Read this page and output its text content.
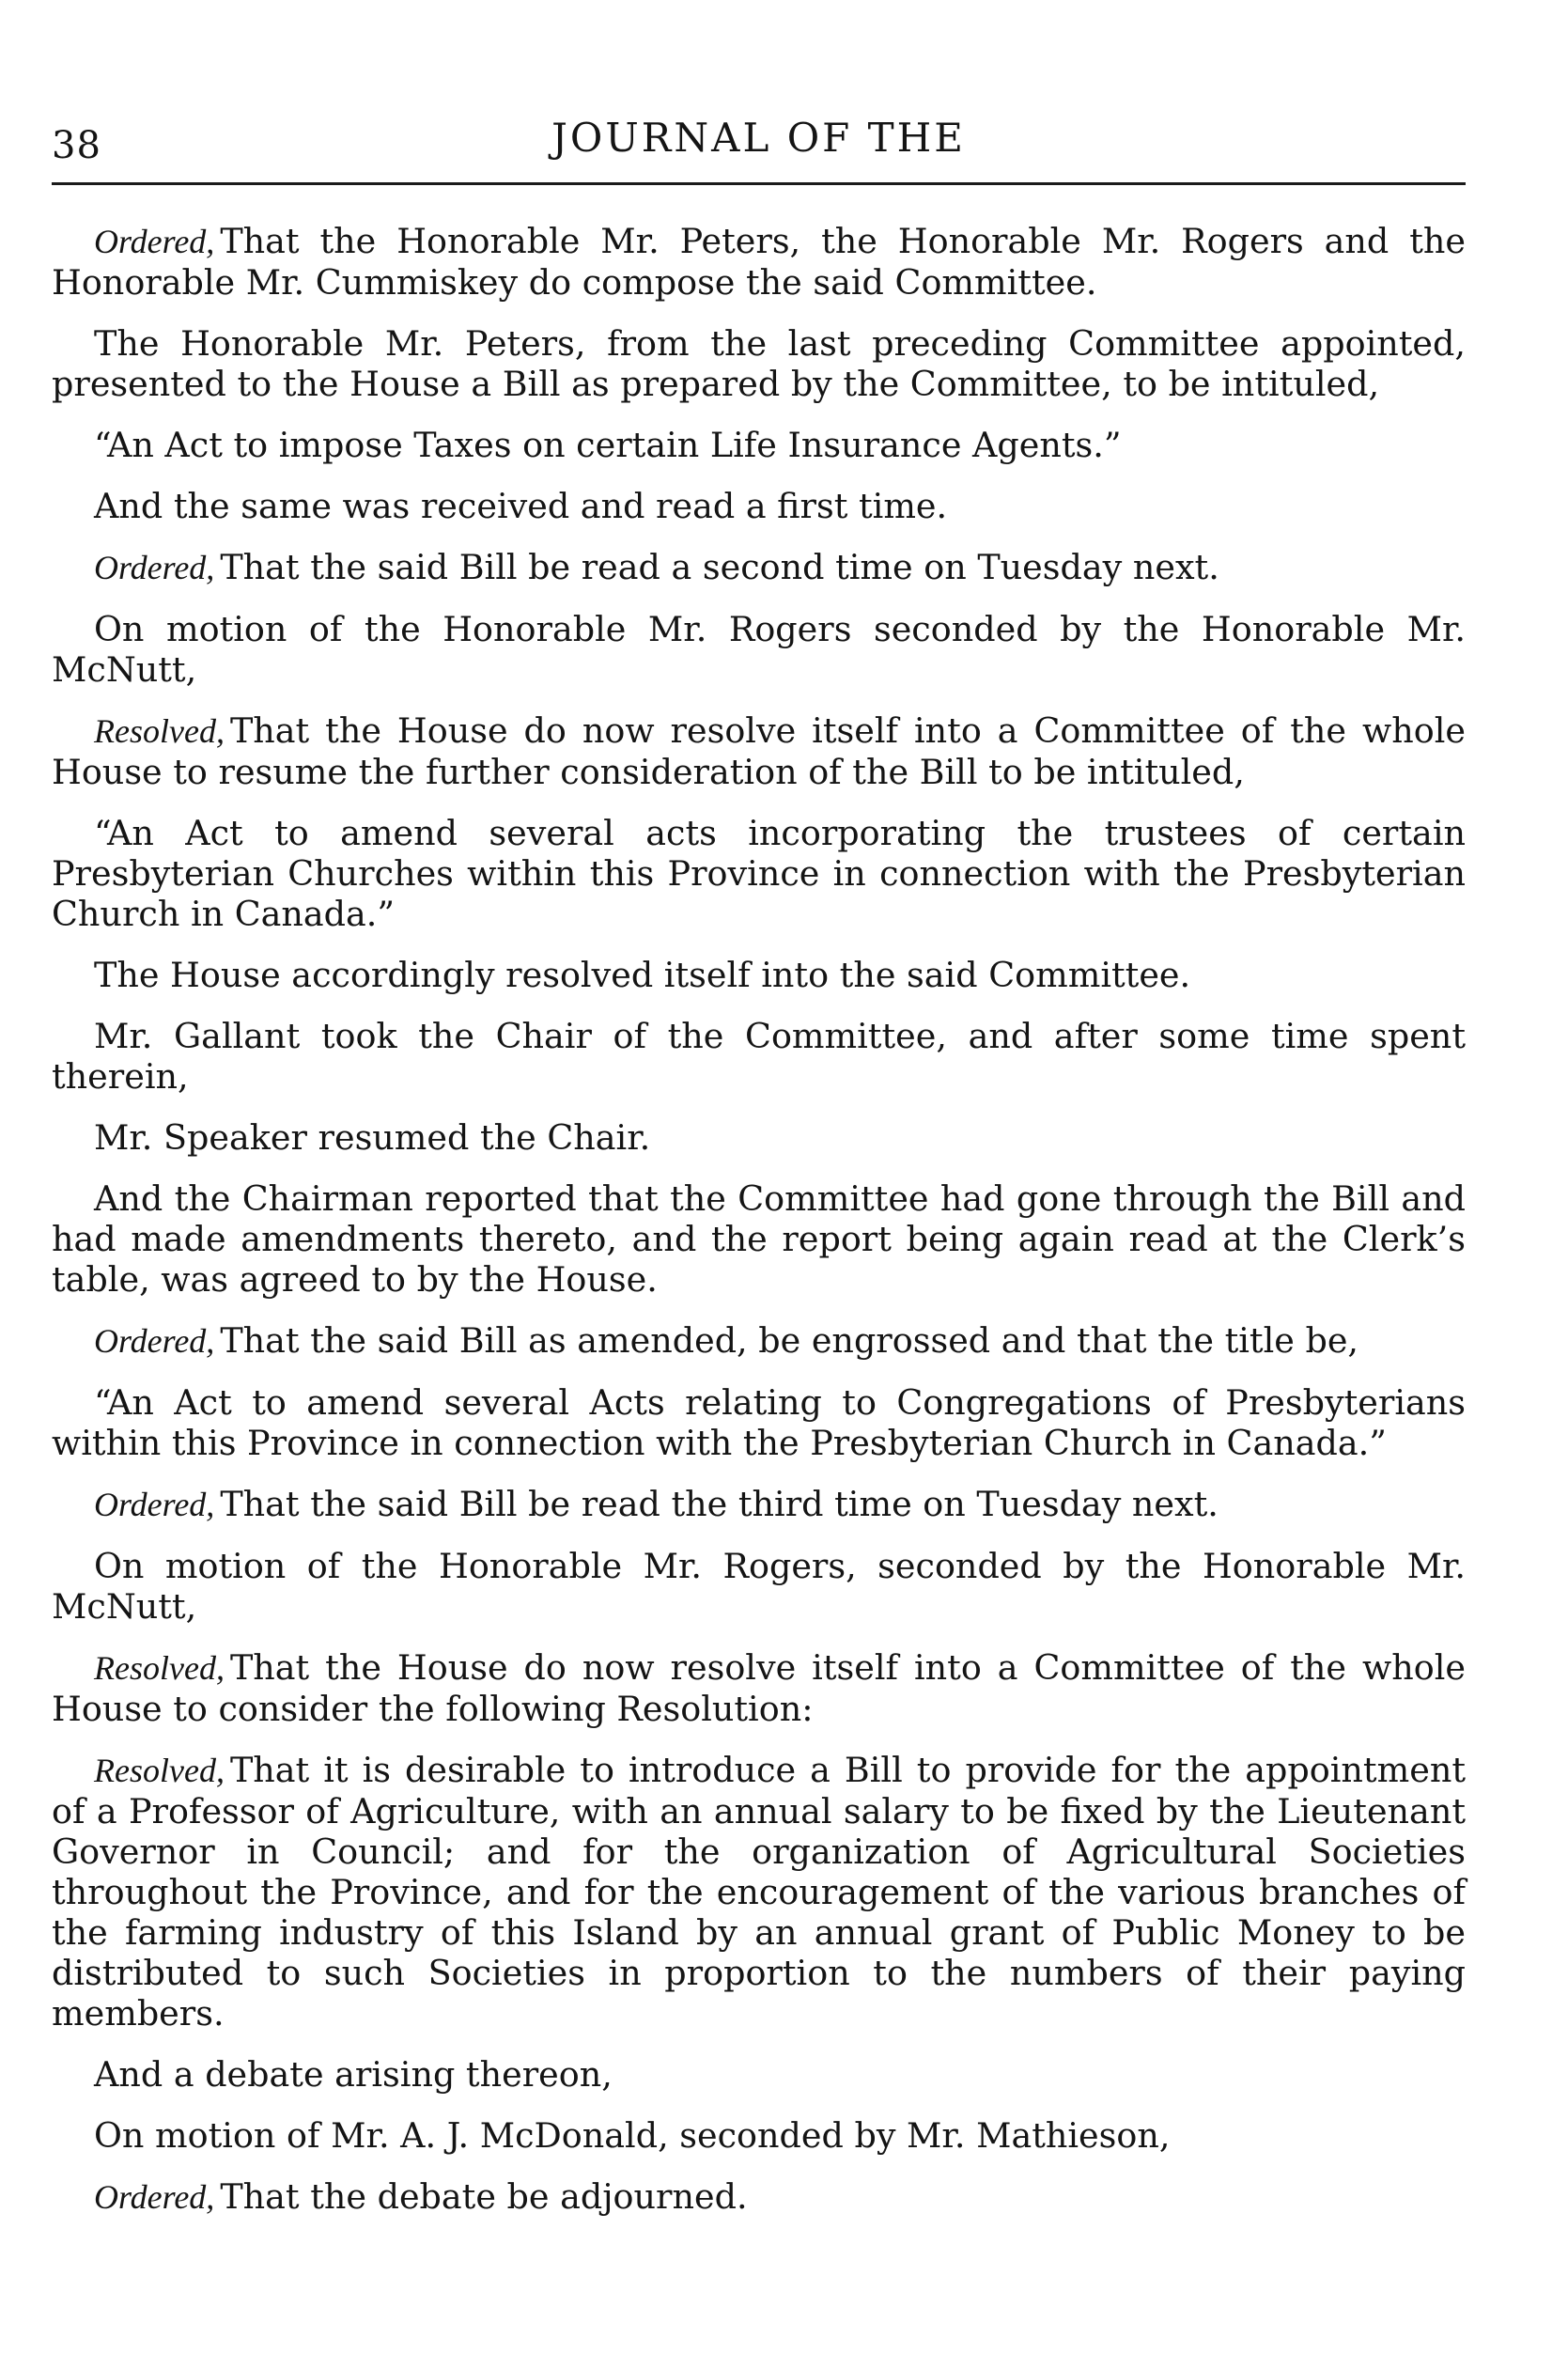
38	JOURNAL OF THE

Ordered, That the Honorable Mr. Peters, the Honorable Mr. Rogers and the Honorable Mr. Cummiskey do compose the said Committee.

The Honorable Mr. Peters, from the last preceding Committee appointed, presented to the House a Bill as prepared by the Committee, to be intituled,

“An Act to impose Taxes on certain Life Insurance Agents.”

And the same was received and read a first time.

Ordered, That the said Bill be read a second time on Tuesday next.

On motion of the Honorable Mr. Rogers seconded by the Honorable Mr. McNutt,

Resolved, That the House do now resolve itself into a Committee of the whole House to resume the further consideration of the Bill to be intituled,

“An Act to amend several acts incorporating the trustees of certain Presbyterian Churches within this Province in connection with the Presbyterian Church in Canada.”

The House accordingly resolved itself into the said Committee.

Mr. Gallant took the Chair of the Committee, and after some time spent therein,

Mr. Speaker resumed the Chair.

And the Chairman reported that the Committee had gone through the Bill and had made amendments thereto, and the report being again read at the Clerk’s table, was agreed to by the House.

Ordered, That the said Bill as amended, be engrossed and that the title be,

“An Act to amend several Acts relating to Congregations of Presbyterians within this Province in connection with the Presbyterian Church in Canada.”

Ordered, That the said Bill be read the third time on Tuesday next.

On motion of the Honorable Mr. Rogers, seconded by the Honorable Mr. McNutt,

Resolved, That the House do now resolve itself into a Committee of the whole House to consider the following Resolution:

Resolved, That it is desirable to introduce a Bill to provide for the appointment of a Professor of Agriculture, with an annual salary to be fixed by the Lieutenant Governor in Council; and for the organization of Agricultural Societies throughout the Province, and for the encouragement of the various branches of the farming industry of this Island by an annual grant of Public Money to be distributed to such Societies in proportion to the numbers of their paying members.

And a debate arising thereon,

On motion of Mr. A. J. McDonald, seconded by Mr. Mathieson,

Ordered, That the debate be adjourned.
